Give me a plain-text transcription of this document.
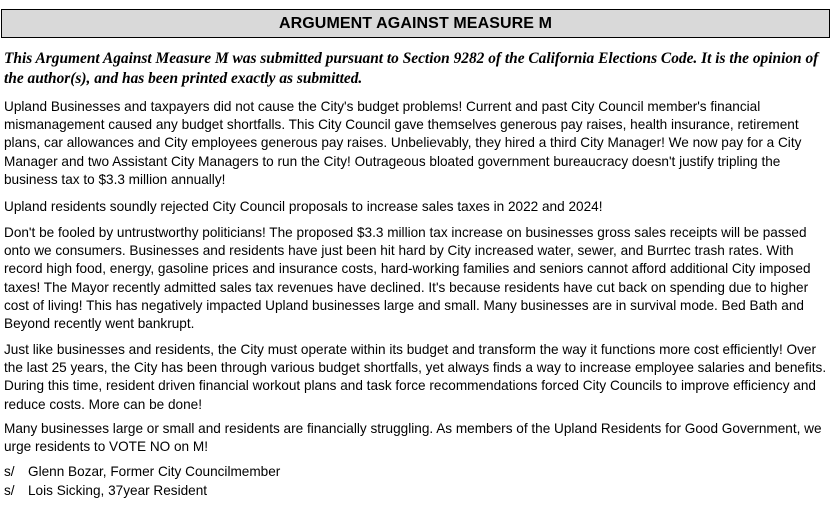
ARGUMENT AGAINST MEASURE M

This Argument Against Measure M was submitted pursuant to Section 9282 of the California Elections Code. It is the opinion of the author(s), and has been printed exactly as submitted.

Upland Businesses and taxpayers did not cause the City's budget problems! Current and past City Council member's financial mismanagement caused any budget shortfalls. This City Council gave themselves generous pay raises, health insurance, retirement plans, car allowances and City employees generous pay raises. Unbelievably, they hired a third City Manager! We now pay for a City Manager and two Assistant City Managers to run the City! Outrageous bloated government bureaucracy doesn't justify tripling the business tax to $3.3 million annually!

Upland residents soundly rejected City Council proposals to increase sales taxes in 2022 and 2024!

Don't be fooled by untrustworthy politicians! The proposed $3.3 million tax increase on businesses gross sales receipts will be passed onto we consumers. Businesses and residents have just been hit hard by City increased water, sewer, and Burrtec trash rates. With record high food, energy, gasoline prices and insurance costs, hard-working families and seniors cannot afford additional City imposed taxes! The Mayor recently admitted sales tax revenues have declined. It's because residents have cut back on spending due to higher cost of living! This has negatively impacted Upland businesses large and small. Many businesses are in survival mode. Bed Bath and Beyond recently went bankrupt.

Just like businesses and residents, the City must operate within its budget and transform the way it functions more cost efficiently! Over the last 25 years, the City has been through various budget shortfalls, yet always finds a way to increase employee salaries and benefits. During this time, resident driven financial workout plans and task force recommendations forced City Councils to improve efficiency and reduce costs. More can be done!

Many businesses large or small and residents are financially struggling. As members of the Upland Residents for Good Government, we urge residents to VOTE NO on M!

s/ Glenn Bozar, Former City Councilmember

s/ Lois Sicking, 37year Resident
